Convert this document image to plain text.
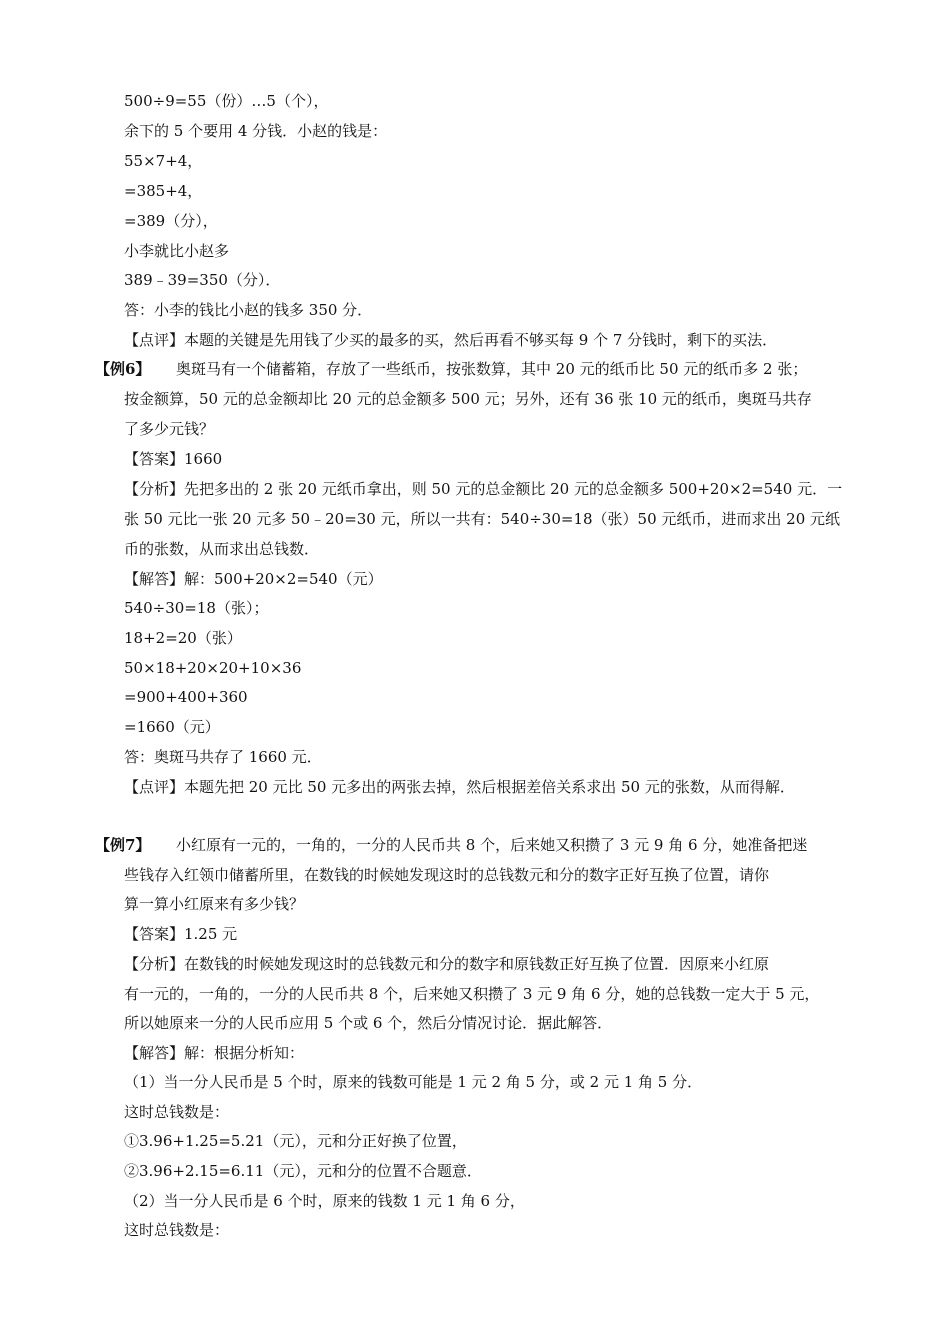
500÷9=55（份）…5（个），
余下的 5 个要用 4 分钱．小赵的钱是：
55×7+4，
=385+4，
=389（分），
小李就比小赵多
389﹣39=350（分）．
答：小李的钱比小赵的钱多 350 分．
【点评】本题的关键是先用钱了少买的最多的买，然后再看不够买每 9 个 7 分钱时，剩下的买法．
【例6】 奥斑马有一个储蓄箱，存放了一些纸币，按张数算，其中 20 元的纸币比 50 元的纸币多 2 张；
按金额算，50 元的总金额却比 20 元的总金额多 500 元；另外，还有 36 张 10 元的纸币，奥斑马共存
了多少元钱？
【答案】1660
【分析】先把多出的 2 张 20 元纸币拿出，则 50 元的总金额比 20 元的总金额多 500+20×2=540 元．一
张 50 元比一张 20 元多 50﹣20=30 元，所以一共有：540÷30=18（张）50 元纸币，进而求出 20 元纸
币的张数，从而求出总钱数．
【解答】解：500+20×2=540（元）
540÷30=18（张）；
18+2=20（张）
50×18+20×20+10×36
=900+400+360
=1660（元）
答：奥斑马共存了 1660 元．
【点评】本题先把 20 元比 50 元多出的两张去掉，然后根据差倍关系求出 50 元的张数，从而得解．
【例7】 小红原有一元的，一角的，一分的人民币共 8 个，后来她又积攒了 3 元 9 角 6 分，她准备把迷
些钱存入红领巾储蓄所里，在数钱的时候她发现这时的总钱数元和分的数字正好互换了位置，请你
算一算小红原来有多少钱？
【答案】1.25 元
【分析】在数钱的时候她发现这时的总钱数元和分的数字和原钱数正好互换了位置．因原来小红原
有一元的，一角的，一分的人民币共 8 个，后来她又积攒了 3 元 9 角 6 分，她的总钱数一定大于 5 元，
所以她原来一分的人民币应用 5 个或 6 个，然后分情况讨论．据此解答．
【解答】解：根据分析知：
（1）当一分人民币是 5 个时，原来的钱数可能是 1 元 2 角 5 分，或 2 元 1 角 5 分．
这时总钱数是：
①3.96+1.25=5.21（元），元和分正好换了位置，
②3.96+2.15=6.11（元），元和分的位置不合题意．
（2）当一分人民币是 6 个时，原来的钱数 1 元 1 角 6 分，
这时总钱数是：
